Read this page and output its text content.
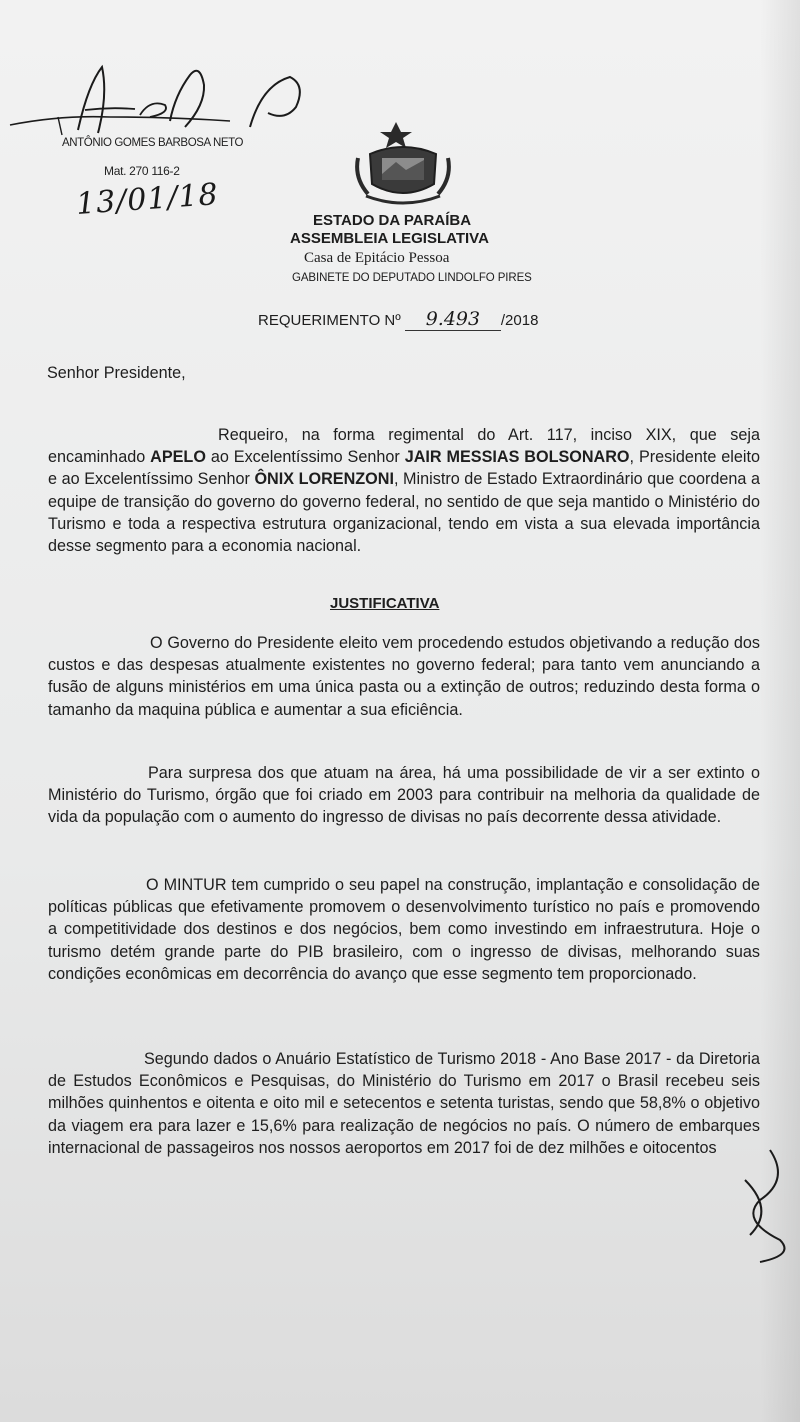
ANTÔNIO GOMES BARBOSA NETO
Mat. 270 116-2
13/01/18	ESTADO DA PARAÍBA
ASSEMBLEIA LEGISLATIVA
Casa de Epitácio Pessoa
GABINETE DO DEPUTADO LINDOLFO PIRES
REQUERIMENTO Nº 9.493 /2018
Senhor Presidente,
Requeiro, na forma regimental do Art. 117, inciso XIX, que seja encaminhado APELO ao Excelentíssimo Senhor JAIR MESSIAS BOLSONARO, Presidente eleito e ao Excelentíssimo Senhor ÔNIX LORENZONI, Ministro de Estado Extraordinário que coordena a equipe de transição do governo do governo federal, no sentido de que seja mantido o Ministério do Turismo e toda a respectiva estrutura organizacional, tendo em vista a sua elevada importância desse segmento para a economia nacional.
JUSTIFICATIVA
O Governo do Presidente eleito vem procedendo estudos objetivando a redução dos custos e das despesas atualmente existentes no governo federal; para tanto vem anunciando a fusão de alguns ministérios em uma única pasta ou a extinção de outros; reduzindo desta forma o tamanho da maquina pública e aumentar a sua eficiência.
Para surpresa dos que atuam na área, há uma possibilidade de vir a ser extinto o Ministério do Turismo, órgão que foi criado em 2003 para contribuir na melhoria da qualidade de vida da população com o aumento do ingresso de divisas no país decorrente dessa atividade.
O MINTUR tem cumprido o seu papel na construção, implantação e consolidação de políticas públicas que efetivamente promovem o desenvolvimento turístico no país e promovendo a competitividade dos destinos e dos negócios, bem como investindo em infraestrutura. Hoje o turismo detém grande parte do PIB brasileiro, com o ingresso de divisas, melhorando suas condições econômicas em decorrência do avanço que esse segmento tem proporcionado.
Segundo dados o Anuário Estatístico de Turismo 2018 - Ano Base 2017 - da Diretoria de Estudos Econômicos e Pesquisas, do Ministério do Turismo em 2017 o Brasil recebeu seis milhões quinhentos e oitenta e oito mil e setecentos e setenta turistas, sendo que 58,8% o objetivo da viagem era para lazer e 15,6% para realização de negócios no país. O número de embarques internacional de passageiros nos nossos aeroportos em 2017 foi de dez milhões e oitocentos
